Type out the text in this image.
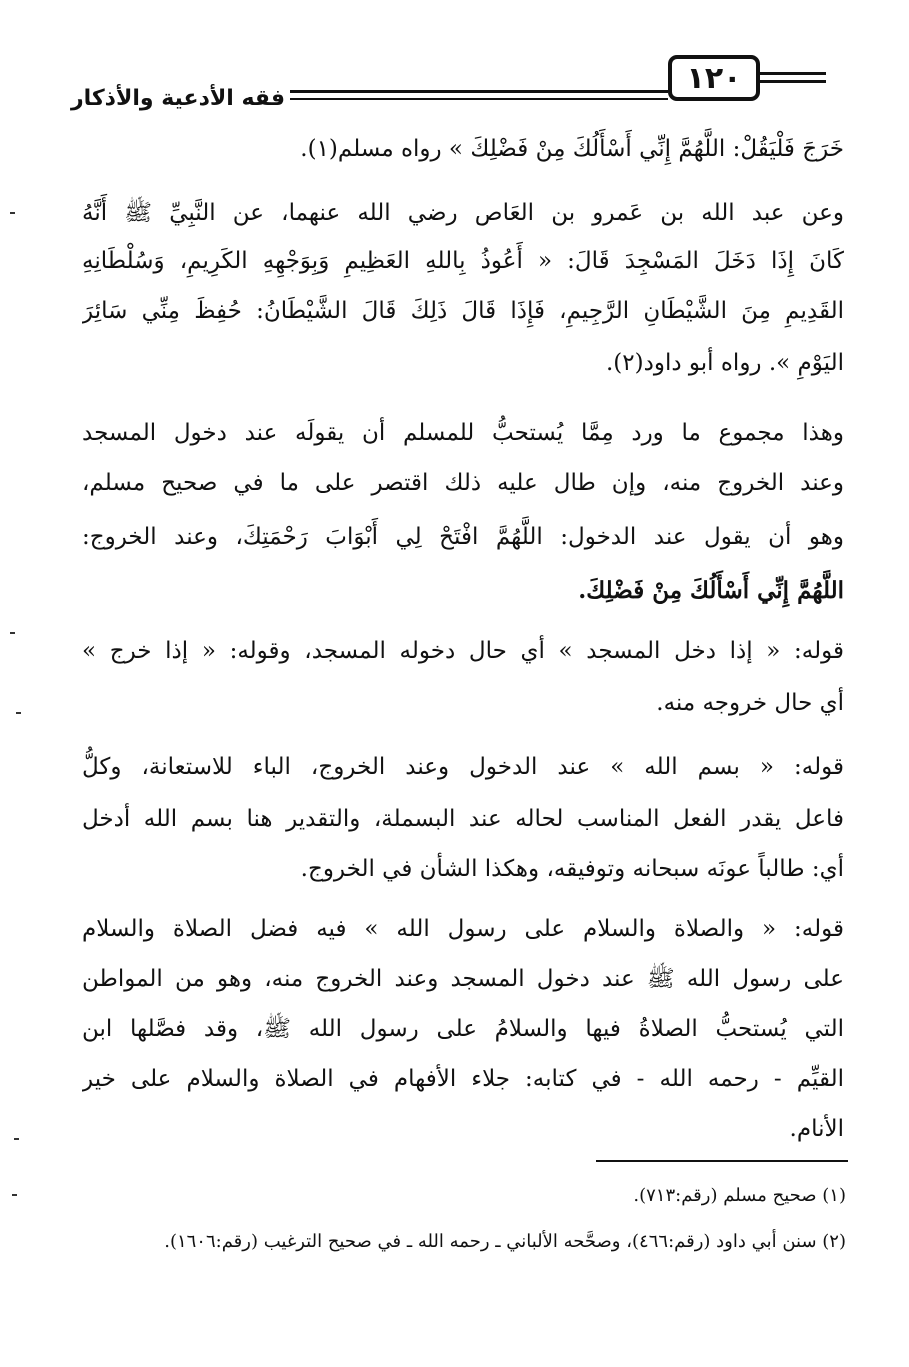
١٢٠
فقه الأدعية والأذكار
خَرَجَ فَلْيَقُلْ: اللَّهُمَّ إِنِّي أَسْأَلُكَ مِنْ فَضْلِكَ » رواه مسلم(١).
وعن عبد الله بن عَمرو بن العَاص رضي الله عنهما، عن النَّبِيِّ ﷺ أَنَّهُ
كَانَ إِذَا دَخَلَ المَسْجِدَ قَالَ: « أَعُوذُ بِاللهِ العَظِيمِ وَبِوَجْهِهِ الكَرِيمِ، وَسُلْطَانِهِ
القَدِيمِ مِنَ الشَّيْطَانِ الرَّجِيمِ، فَإِذَا قَالَ ذَلِكَ قَالَ الشَّيْطَانُ: حُفِظَ مِنِّي سَائِرَ
اليَوْمِ ». رواه أبو داود(٢).
وهذا مجموع ما ورد مِمَّا يُستحبُّ للمسلم أن يقولَه عند دخول المسجد
وعند الخروج منه، وإن طال عليه ذلك اقتصر على ما في صحيح مسلم،
وهو أن يقول عند الدخول: اللَّهُمَّ افْتَحْ لِي أَبْوَابَ رَحْمَتِكَ، وعند الخروج:
اللَّهُمَّ إِنِّي أَسْأَلُكَ مِنْ فَضْلِكَ.
قوله: « إذا دخل المسجد » أي حال دخوله المسجد، وقوله: « إذا خرج »
أي حال خروجه منه.
قوله: « بسم الله » عند الدخول وعند الخروج، الباء للاستعانة، وكلُّ
فاعل يقدر الفعل المناسب لحاله عند البسملة، والتقدير هنا بسم الله أدخل
أي: طالباً عونَه سبحانه وتوفيقه، وهكذا الشأن في الخروج.
قوله: « والصلاة والسلام على رسول الله » فيه فضل الصلاة والسلام
على رسول الله ﷺ عند دخول المسجد وعند الخروج منه، وهو من المواطن
التي يُستحبُّ الصلاةُ فيها والسلامُ على رسول الله ﷺ، وقد فصَّلها ابن
القيِّم - رحمه الله - في كتابه: جلاء الأفهام في الصلاة والسلام على خير
الأنام.
(١) صحيح مسلم (رقم:٧١٣).
(٢) سنن أبي داود (رقم:٤٦٦)، وصحَّحه الألباني ـ رحمه الله ـ في صحيح الترغيب (رقم:١٦٠٦).
